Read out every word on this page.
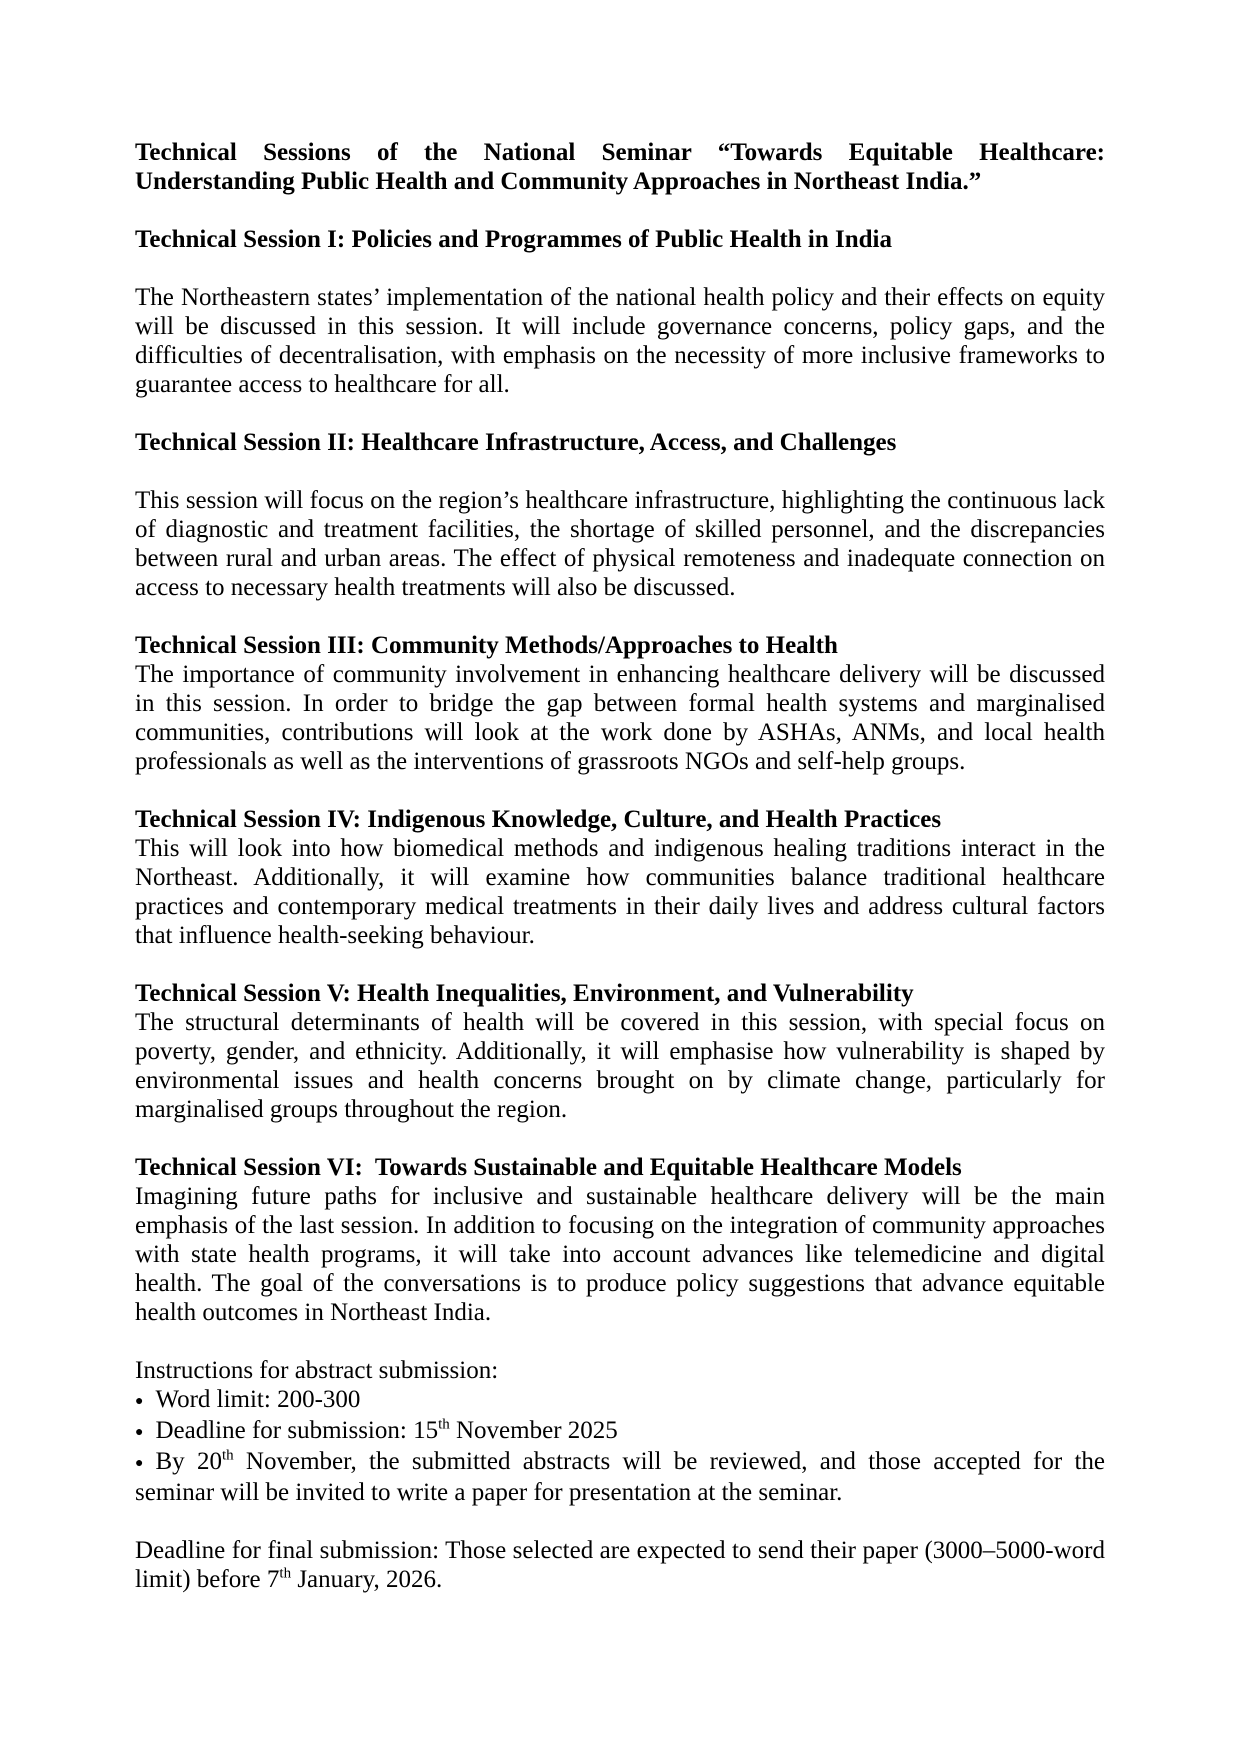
Technical Sessions of the National Seminar “Towards Equitable Healthcare: Understanding Public Health and Community Approaches in Northeast India.”
Technical Session I: Policies and Programmes of Public Health in India
The Northeastern states’ implementation of the national health policy and their effects on equity will be discussed in this session. It will include governance concerns, policy gaps, and the difficulties of decentralisation, with emphasis on the necessity of more inclusive frameworks to guarantee access to healthcare for all.
Technical Session II: Healthcare Infrastructure, Access, and Challenges
This session will focus on the region’s healthcare infrastructure, highlighting the continuous lack of diagnostic and treatment facilities, the shortage of skilled personnel, and the discrepancies between rural and urban areas. The effect of physical remoteness and inadequate connection on access to necessary health treatments will also be discussed.
Technical Session III: Community Methods/Approaches to Health
The importance of community involvement in enhancing healthcare delivery will be discussed in this session. In order to bridge the gap between formal health systems and marginalised communities, contributions will look at the work done by ASHAs, ANMs, and local health professionals as well as the interventions of grassroots NGOs and self-help groups.
Technical Session IV: Indigenous Knowledge, Culture, and Health Practices
This will look into how biomedical methods and indigenous healing traditions interact in the Northeast. Additionally, it will examine how communities balance traditional healthcare practices and contemporary medical treatments in their daily lives and address cultural factors that influence health-seeking behaviour.
Technical Session V: Health Inequalities, Environment, and Vulnerability
The structural determinants of health will be covered in this session, with special focus on poverty, gender, and ethnicity. Additionally, it will emphasise how vulnerability is shaped by environmental issues and health concerns brought on by climate change, particularly for marginalised groups throughout the region.
Technical Session VI:  Towards Sustainable and Equitable Healthcare Models
Imagining future paths for inclusive and sustainable healthcare delivery will be the main emphasis of the last session. In addition to focusing on the integration of community approaches with state health programs, it will take into account advances like telemedicine and digital health. The goal of the conversations is to produce policy suggestions that advance equitable health outcomes in Northeast India.
Instructions for abstract submission:
● Word limit: 200-300
● Deadline for submission: 15th November 2025
● By 20th November, the submitted abstracts will be reviewed, and those accepted for the seminar will be invited to write a paper for presentation at the seminar.
Deadline for final submission: Those selected are expected to send their paper (3000–5000-word limit) before 7th January, 2026.
